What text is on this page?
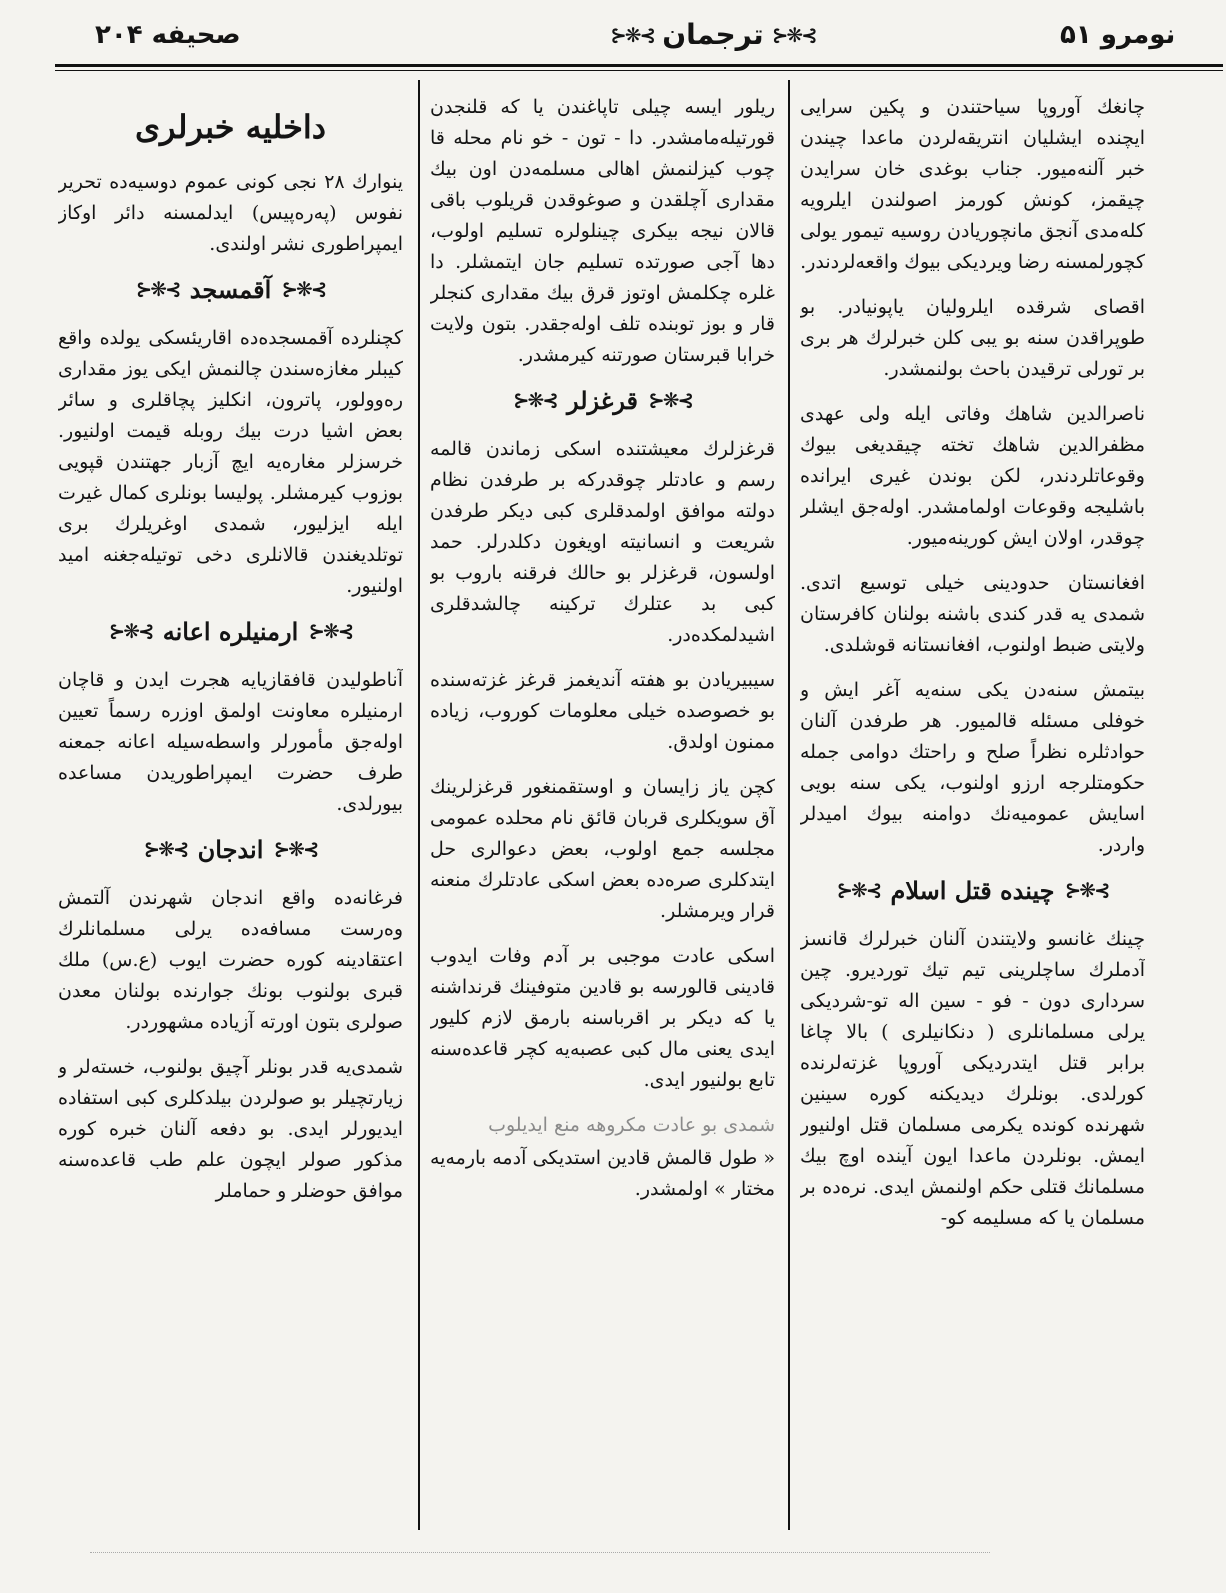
صحیفه ۲۰۴	⊱❋⊰
ترجمان
⊱❋⊰	نومرو ۵۱
داخلیه خبرلری

ینوارك ۲۸ نجی کونی عموم دوسیه‌ده تحریر نفوس (پەرەپیس) ایدلمسنه دائر اوکاز ایمپراطوری نشر اولندی.

⊱❋⊰
آقمسجد
⊱❋⊰

کچنلرده آقمسجده‌ده اقاریئسکی یولده واقع کیبلر مغازه‌سندن چالنمش ایکی یوز مقداری رەوولور، پاترون، انکلیز پچاقلری و سائر بعض اشیا درت بیك روبله قیمت اولنیور. خرسزلر مغاره‌یه ایچ آزبار جهتندن قپویی بوزوب کیرمشلر. پولیسا بونلری کمال غیرت ایله ایزلیور، شمدی اوغریلرك بری توتلدیغندن قالانلری دخی توتیله‌جغنه امید اولنیور.

⊱❋⊰
ارمنیلره اعانه
⊱❋⊰

آناطولیدن قافقازیایه هجرت ایدن و قاچان ارمنیلره معاونت اولمق اوزره رسماً تعیین اوله‌جق مأمورلر واسطه‌سیله اعانه جمعنه طرف حضرت ایمپراطوریدن مساعده بیورلدی.

⊱❋⊰
اندجان
⊱❋⊰

فرغانه‌ده واقع اندجان شهرندن آلتمش وەرست مسافه‌ده یرلی مسلمانلرك اعتقادینه کوره حضرت ایوب (ع.س) ملك قبری بولنوب بونك جوارنده بولنان معدن صولری بتون اورته آزیاده مشهوردر.

شمدی‌یه قدر بونلر آچیق بولنوب، خسته‌لر و زیارتچیلر بو صولردن بیلدکلری کبی استفاده ایدیورلر ایدی. بو دفعه آلنان خبره کوره مذکور صولر ایچون علم طب قاعده‌سنه موافق حوضلر و حماملر

ریلور ایسه چیلی تاپاغندن یا که قلنجدن قورتیله‌مامشدر. دا - تون - خو نام محله قا چوب کیزلنمش اهالی مسلمه‌دن اون بیك مقداری آچلقدن و صوغوقدن قریلوب باقی قالان نیجه بیکری چینلولره تسلیم اولوب، دها آجی صورتده تسلیم جان ایتمشلر. دا غلره چکلمش اوتوز قرق بیك مقداری کنجلر قار و بوز توبنده تلف اوله‌جقدر. بتون ولایت خرابا قبرستان صورتنه کیرمشدر.

⊱❋⊰
قرغزلر
⊱❋⊰

قرغزلرك معیشتنده اسکی زماندن قالمه رسم و عادتلر چوقدرکه بر طرفدن نظام دولته موافق اولمدقلری کبی دیکر طرفدن شریعت و انسانیته اویغون دکلدرلر. حمد اولسون، قرغزلر بو حالك فرقنه باروب بو کبی بد عتلرك ترکینه چالشدقلری اشیدلمکده‌در.

سیبیریادن بو هفته آندیغمز قرغز غزته‌سنده بو خصوصده خیلی معلومات کوروب، زیاده ممنون اولدق.

کچن یاز زایسان و اوستقمنغور قرغزلرینك آق سویکلری قربان قائق نام محلده عمومی مجلسه جمع اولوب، بعض دعوالری حل ایتدکلری صره‌ده بعض اسکی عادتلرك منعنه قرار ویرمشلر.

اسکی عادت موجبی بر آدم وفات ایدوب قادینی قالورسه بو قادین متوفینك قرنداشنه یا که دیکر بر اقرباسنه بارمق لازم کلیور ایدی یعنی مال کبی عصبه‌یه کچر قاعده‌سنه تابع بولنیور ایدی.

شمدی بو عادت مکروهه منع ایدیلوب

« طول قالمش قادین استدیکی آدمه بارمه‌یه مختار » اولمشدر.

چانغك آوروپا سیاحتندن و پکین سرایی ایچنده ایشلیان انتریقه‌لردن ماعدا چیندن خبر آلنه‌میور. جناب بوغدی خان سرایدن چیقمز، کونش کورمز اصولندن ایلرویه کله‌مدی آنجق مانچوریادن روسیه تیمور یولی کچورلمسنه رضا ویردیکی بیوك واقعه‌لردندر.

اقصای شرقده ایلرولیان یاپونیادر. بو طوپراقدن سنه بو یبی کلن خبرلرك هر بری بر تورلی ترقیدن باحث بولنمشدر.

ناصرالدین شاهك وفاتی ایله ولی عهدی مظفرالدین شاهك تخته چیقدیغی بیوك وقوعاتلردندر، لکن بوندن غیری ایرانده باشلیجه وقوعات اولمامشدر. اوله‌جق ایشلر چوقدر، اولان ایش کورینه‌میور.

افغانستان حدودینی خیلی توسیع اتدی. شمدی یه قدر کندی باشنه بولنان کافرستان ولایتی ضبط اولنوب، افغانستانه قوشلدی.

بیتمش سنه‌دن یکی سنه‌یه آغر ایش و خوفلی مسئله قالمیور. هر طرفدن آلنان حوادثلره نظراً صلح و راحتك دوامی جمله حکومتلرجه ارزو اولنوب، یکی سنه بویی اسایش عمومیه‌نك دوامنه بیوك امیدلر واردر.

⊱❋⊰
چینده قتل اسلام
⊱❋⊰

چینك غانسو ولایتندن آلنان خبرلرك قانسز آدملرك ساچلرینی تیم تیك توردیرو. چین سرداری دون - فو - سین اله تو-شردیکی یرلی مسلمانلری ( دنکانیلری ) بالا چاغا برابر قتل ایتدردیکی آوروپا غزته‌لرنده کورلدی. بونلرك دیدیکنه کوره سینین شهرنده کونده یکرمی مسلمان قتل اولنیور ایمش. بونلردن ماعدا ایون آینده اوچ بیك مسلمانك قتلی حکم اولنمش ایدی. نرەده بر مسلمان یا که مسلیمه کو-
